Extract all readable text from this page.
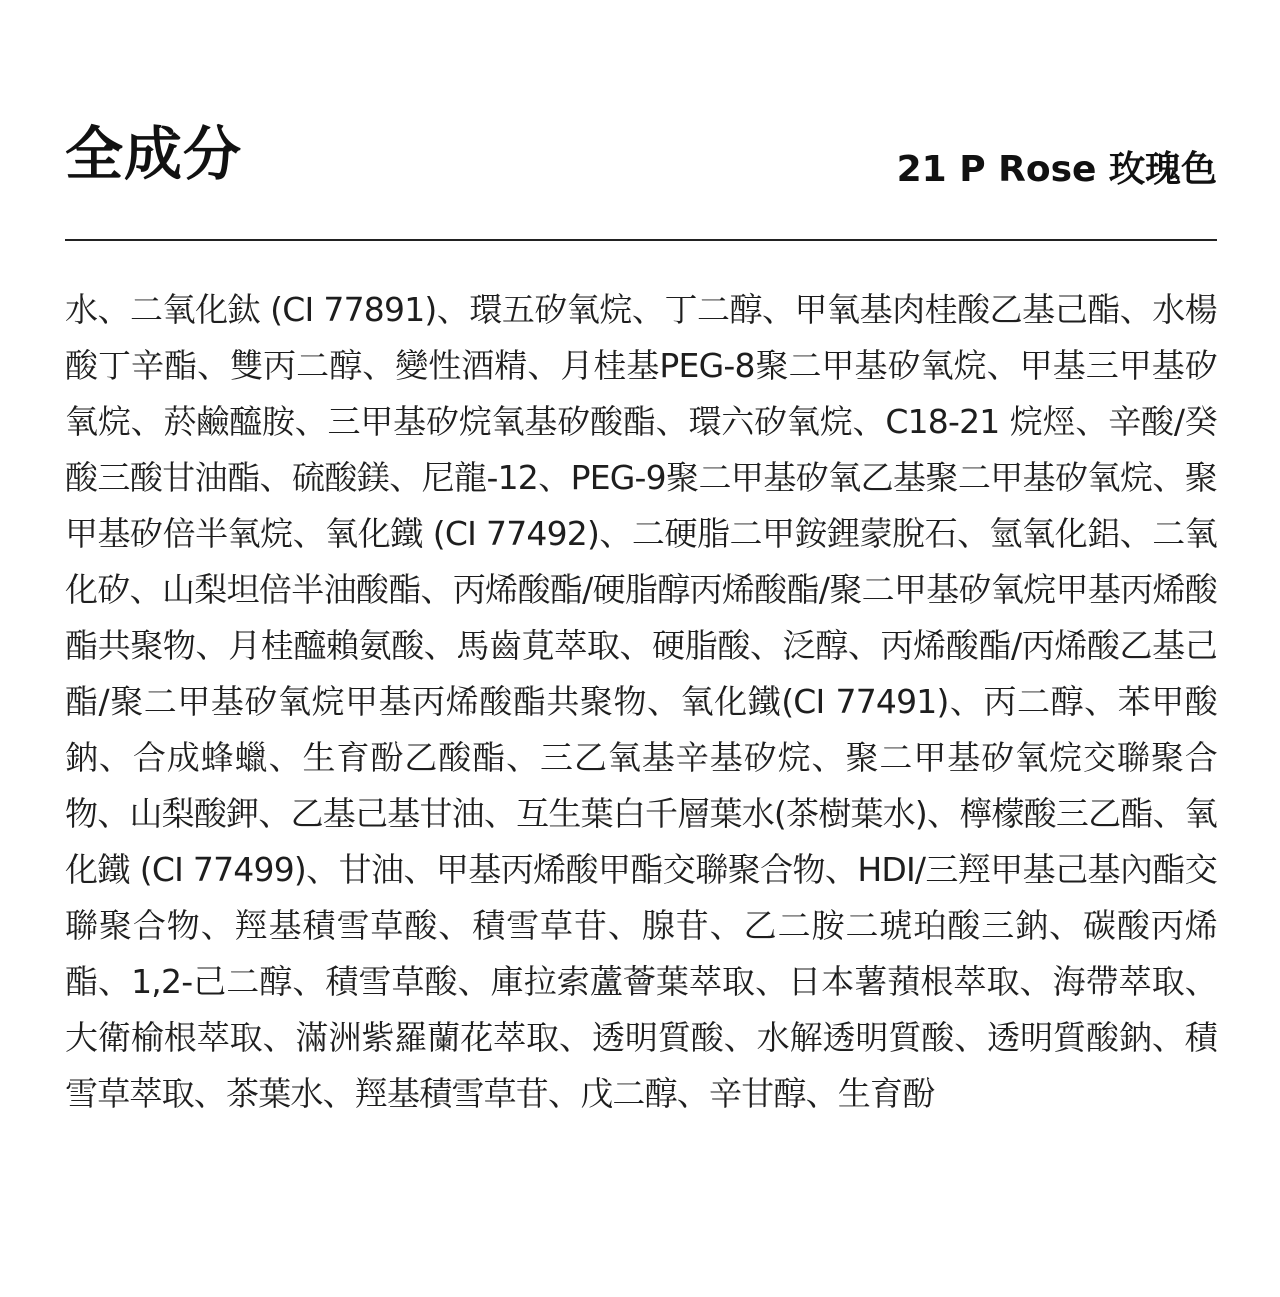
全成分	21 P Rose 玫瑰色
水、二氧化鈦 (CI 77891)、環五矽氧烷、丁二醇、甲氧基肉桂酸乙基己酯、水楊酸丁辛酯、雙丙二醇、變性酒精、月桂基PEG-8聚二甲基矽氧烷、甲基三甲基矽氧烷、菸鹼醯胺、三甲基矽烷氧基矽酸酯、環六矽氧烷、C18-21 烷烴、辛酸/癸酸三酸甘油酯、硫酸鎂、尼龍-12、PEG-9聚二甲基矽氧乙基聚二甲基矽氧烷、聚甲基矽倍半氧烷、氧化鐵 (CI 77492)、二硬脂二甲銨鋰蒙脫石、氫氧化鋁、二氧化矽、山梨坦倍半油酸酯、丙烯酸酯/硬脂醇丙烯酸酯/聚二甲基矽氧烷甲基丙烯酸酯共聚物、月桂醯賴氨酸、馬齒莧萃取、硬脂酸、泛醇、丙烯酸酯/丙烯酸乙基己酯/聚二甲基矽氧烷甲基丙烯酸酯共聚物、氧化鐵(CI 77491)、丙二醇、苯甲酸鈉、合成蜂蠟、生育酚乙酸酯、三乙氧基辛基矽烷、聚二甲基矽氧烷交聯聚合物、山梨酸鉀、乙基己基甘油、互生葉白千層葉水(茶樹葉水)、檸檬酸三乙酯、氧化鐵 (CI 77499)、甘油、甲基丙烯酸甲酯交聯聚合物、HDI/三羥甲基己基內酯交聯聚合物、羥基積雪草酸、積雪草苷、腺苷、乙二胺二琥珀酸三鈉、碳酸丙烯酯、1,2-己二醇、積雪草酸、庫拉索蘆薈葉萃取、日本薯蕷根萃取、海帶萃取、大衛榆根萃取、滿洲紫羅蘭花萃取、透明質酸、水解透明質酸、透明質酸鈉、積雪草萃取、茶葉水、羥基積雪草苷、戊二醇、辛甘醇、生育酚
